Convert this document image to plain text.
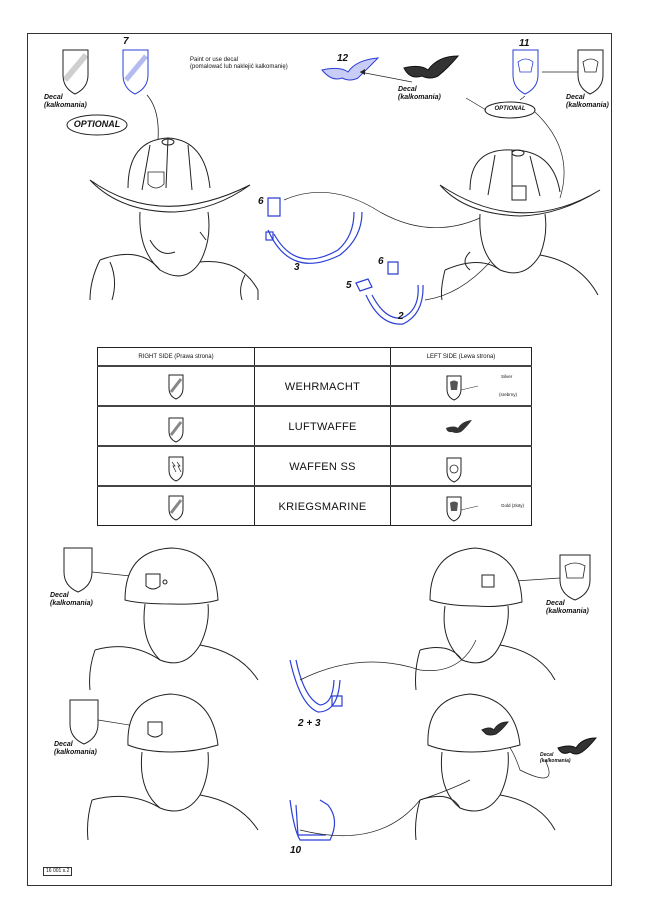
7
12
11
6
3
6
5
2
2 + 3
10
Decal
(kalkomania)
Decal
(kalkomania)	Decal
(kalkomania)
Decal
(kalkomania)	Decal
(kalkomania)
Decal
(kalkomania)	Decal
(kalkomania)
OPTIONAL
OPTIONAL
Paint or use decal
(pomalować lub naklejić kalkomanię)
RIGHT SIDE (Prawa strona)		LEFT SIDE (Lewa strona)
	WEHRMACHT	Silver (srebrny)
	LUFTWAFFE	
	WAFFEN SS	
	KRIEGSMARINE	Gold (złoty)
16 001 s.2
